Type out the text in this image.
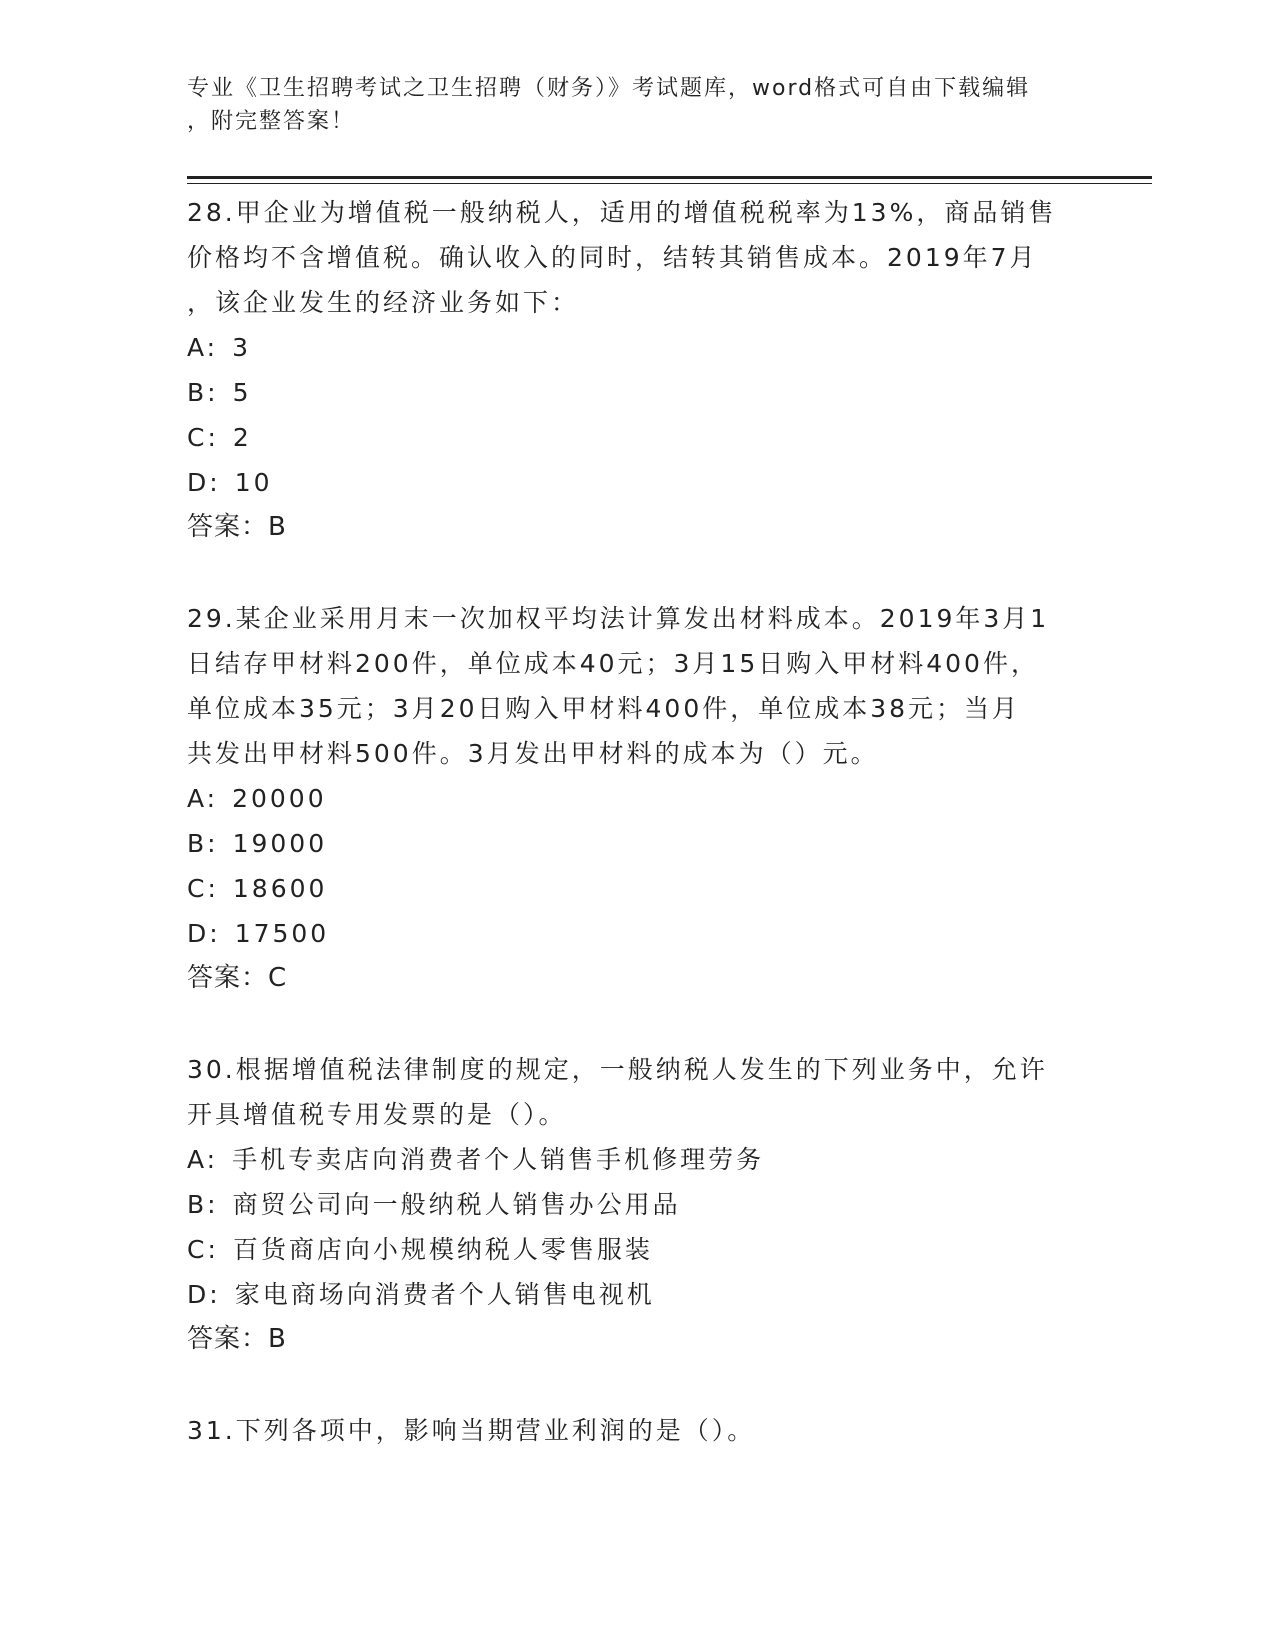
专业《卫生招聘考试之卫生招聘（财务）》考试题库，word格式可自由下载编辑
，附完整答案！

28.甲企业为增值税一般纳税人，适用的增值税税率为13%，商品销售

价格均不含增值税。确认收入的同时，结转其销售成本。2019年7月

，该企业发生的经济业务如下：

A: 3

B: 5

C: 2

D: 10

答案：B

29.某企业采用月末一次加权平均法计算发出材料成本。2019年3月1

日结存甲材料200件，单位成本40元；3月15日购入甲材料400件，

单位成本35元；3月20日购入甲材料400件，单位成本38元；当月

共发出甲材料500件。3月发出甲材料的成本为（）元。

A: 20000

B: 19000

C: 18600

D: 17500

答案：C

30.根据增值税法律制度的规定，一般纳税人发生的下列业务中，允许

开具增值税专用发票的是（）。

A: 手机专卖店向消费者个人销售手机修理劳务

B: 商贸公司向一般纳税人销售办公用品

C: 百货商店向小规模纳税人零售服装

D: 家电商场向消费者个人销售电视机

答案：B

31.下列各项中，影响当期营业利润的是（）。
